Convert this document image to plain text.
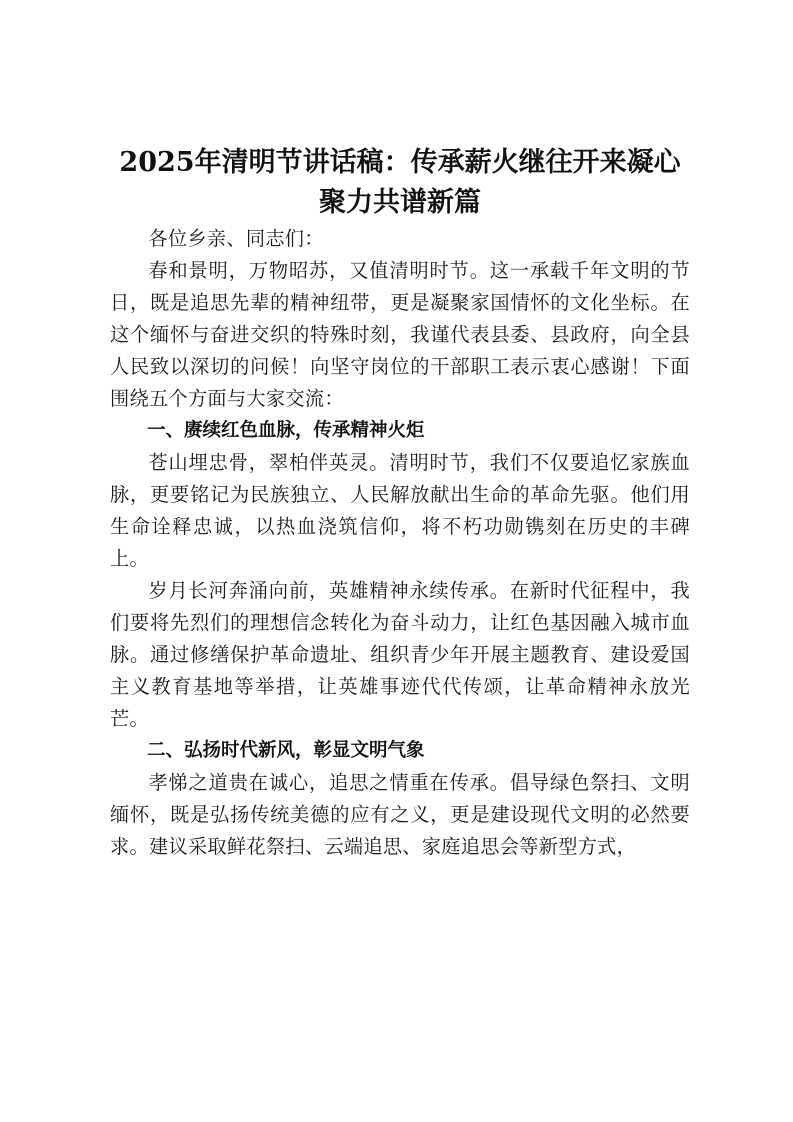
2025年清明节讲话稿：传承薪火继往开来凝心
聚力共谱新篇

各位乡亲、同志们：

春和景明，万物昭苏，又值清明时节。这一承载千年文明的节日，既是追思先辈的精神纽带，更是凝聚家国情怀的文化坐标。在这个缅怀与奋进交织的特殊时刻，我谨代表县委、县政府，向全县人民致以深切的问候！向坚守岗位的干部职工表示衷心感谢！下面围绕五个方面与大家交流：

一、赓续红色血脉，传承精神火炬

苍山埋忠骨，翠柏伴英灵。清明时节，我们不仅要追忆家族血脉，更要铭记为民族独立、人民解放献出生命的革命先驱。他们用生命诠释忠诚，以热血浇筑信仰，将不朽功勋镌刻在历史的丰碑上。

岁月长河奔涌向前，英雄精神永续传承。在新时代征程中，我们要将先烈们的理想信念转化为奋斗动力，让红色基因融入城市血脉。通过修缮保护革命遗址、组织青少年开展主题教育、建设爱国主义教育基地等举措，让英雄事迹代代传颂，让革命精神永放光芒。

二、弘扬时代新风，彰显文明气象

孝悌之道贵在诚心，追思之情重在传承。倡导绿色祭扫、文明缅怀，既是弘扬传统美德的应有之义，更是建设现代文明的必然要求。建议采取鲜花祭扫、云端追思、家庭追思会等新型方式，
